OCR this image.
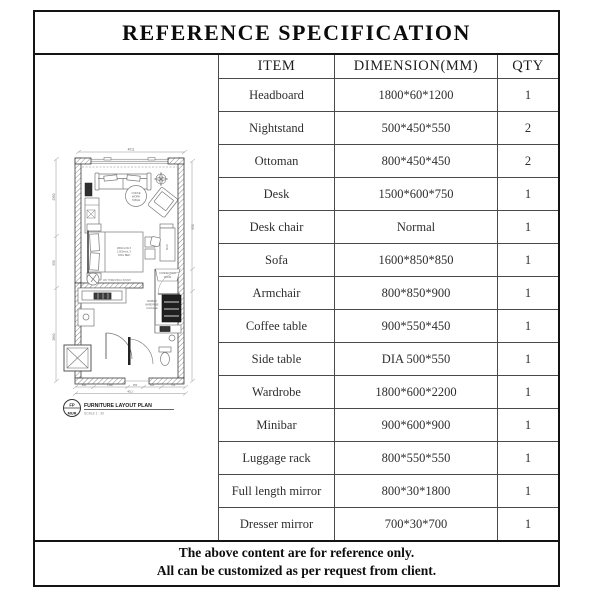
REFERENCE SPECIFICATION
4011
2350
950
2890
950
840	1380	350	510	710
4011
COFFE
WORK
TABLE
1800mmW X
2,000mmL X
KING BED
DESK
WD THRESHOLD FINISH
CONNECTING
DOOR
MINIBAR
WARDROBE
LUGGAGE
FP
MUR
FURNITURE LAYOUT PLAN
SCALE 1 : 30
ITEM	DIMENSION(MM)	QTY
Headboard	1800*60*1200	1
Nightstand	500*450*550	2
Ottoman	800*450*450	2
Desk	1500*600*750	1
Desk chair	Normal	1
Sofa	1600*850*850	1
Armchair	800*850*900	1
Coffee table	900*550*450	1
Side table	DIA 500*550	1
Wardrobe	1800*600*2200	1
Minibar	900*600*900	1
Luggage rack	800*550*550	1
Full length mirror	800*30*1800	1
Dresser mirror	700*30*700	1
The above content are for reference only.
All can be customized as per request from client.
